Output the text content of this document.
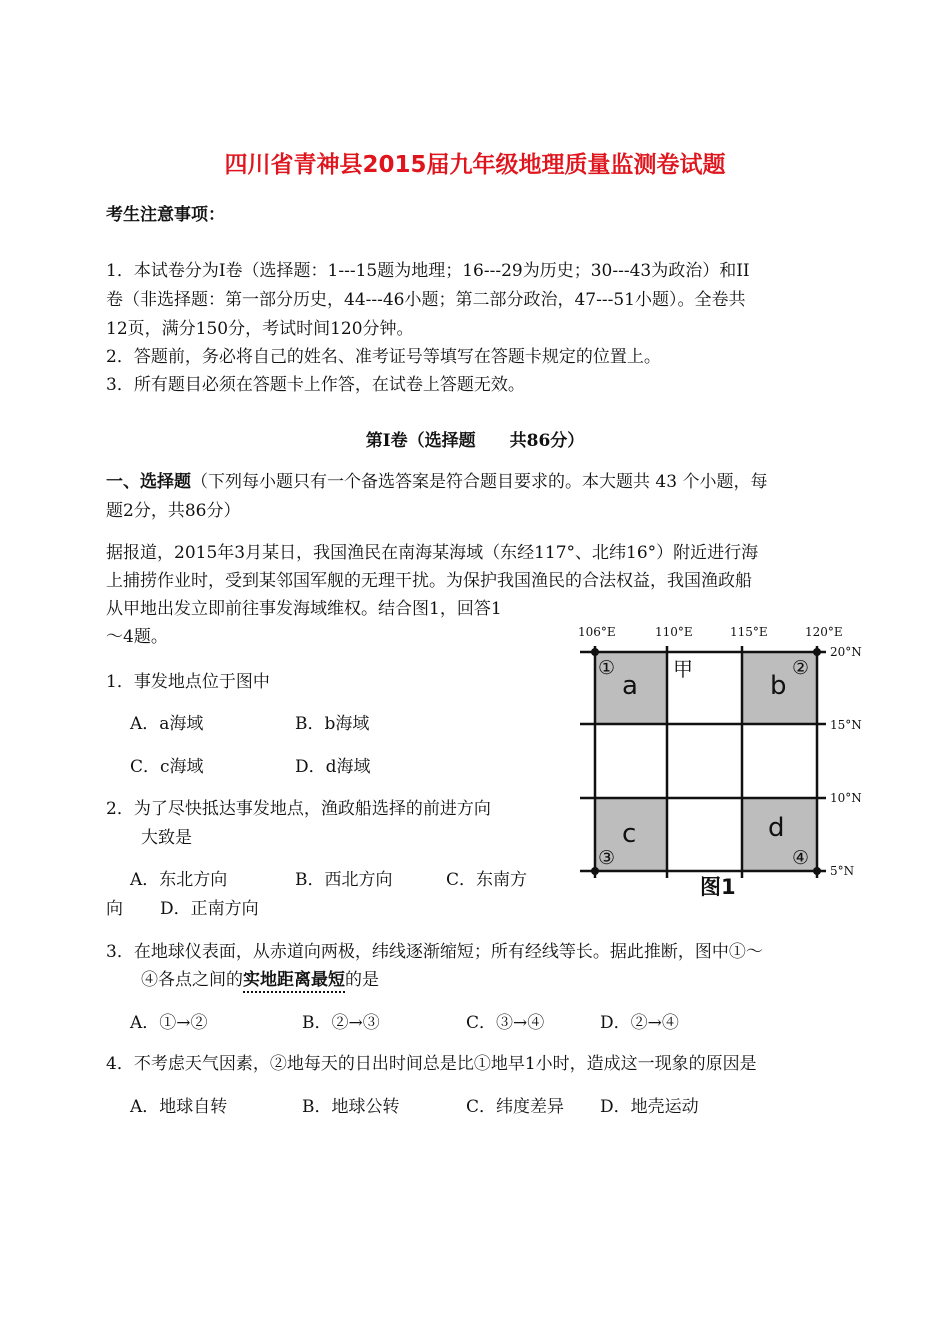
四川省青神县2015届九年级地理质量监测卷试题
考生注意事项：
1．本试卷分为I卷（选择题：1---15题为地理；16---29为历史；30---43为政治）和II
卷（非选择题：第一部分历史，44---46小题；第二部分政治，47---51小题）。全卷共
12页，满分150分，考试时间120分钟。
2．答题前，务必将自己的姓名、准考证号等填写在答题卡规定的位置上。
3．所有题目必须在答题卡上作答，在试卷上答题无效。
第I卷（选择题　　共86分）
一、选择题（下列每小题只有一个备选答案是符合题目要求的。本大题共 43 个小题，每
题2分，共86分）
据报道，2015年3月某日，我国渔民在南海某海域（东经117°、北纬16°）附近进行海
上捕捞作业时，受到某邻国军舰的无理干扰。为保护我国渔民的合法权益，我国渔政船
从甲地出发立即前往事发海域维权。结合图1，回答1
～4题。
1．事发地点位于图中
A．a海域	B．b海域
C．c海域	D．d海域
2．为了尽快抵达事发地点，渔政船选择的前进方向
大致是
A．东北方向	B．西北方向	C．东南方
向 D．正南方向
3．在地球仪表面，从赤道向两极，纬线逐渐缩短；所有经线等长。据此推断，图中①～
④各点之间的实地距离最短的是
A．①→②	B．②→③	C．③→④	D．②→④
4．不考虑天气因素，②地每天的日出时间总是比①地早1小时，造成这一现象的原因是
A．地球自转	B．地球公转	C．纬度差异 D．地壳运动
106°E	110°E	115°E	120°E
20°N
15°N
10°N
5°N
a	b
c	d
①	②
③	④
甲
图1
